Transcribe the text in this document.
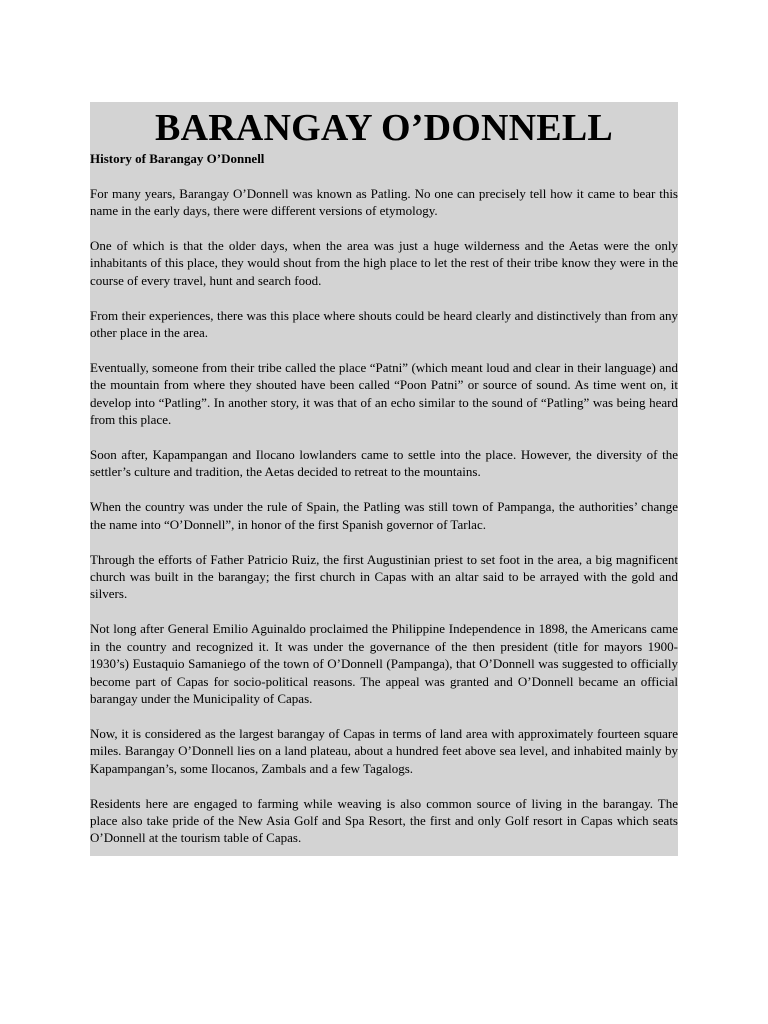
BARANGAY O’DONNELL
History of Barangay O’Donnell

For many years, Barangay O’Donnell was known as Patling. No one can precisely tell how it came to bear this name in the early days, there were different versions of etymology.

One of which is that the older days, when the area was just a huge wilderness and the Aetas were the only inhabitants of this place, they would shout from the high place to let the rest of their tribe know they were in the course of every travel, hunt and search food.

From their experiences, there was this place where shouts could be heard clearly and distinctively than from any other place in the area.

Eventually, someone from their tribe called the place “Patni” (which meant loud and clear in their language) and the mountain from where they shouted have been called “Poon Patni” or source of sound. As time went on, it develop into “Patling”. In another story, it was that of an echo similar to the sound of “Patling” was being heard from this place.

Soon after, Kapampangan and Ilocano lowlanders came to settle into the place. However, the diversity of the settler’s culture and tradition, the Aetas decided to retreat to the mountains.

When the country was under the rule of Spain, the Patling was still town of Pampanga, the authorities’ change the name into “O’Donnell”, in honor of the first Spanish governor of Tarlac.

Through the efforts of Father Patricio Ruiz, the first Augustinian priest to set foot in the area, a big magnificent church was built in the barangay; the first church in Capas with an altar said to be arrayed with the gold and silvers.

Not long after General Emilio Aguinaldo proclaimed the Philippine Independence in 1898, the Americans came in the country and recognized it. It was under the governance of the then president (title for mayors 1900-1930’s) Eustaquio Samaniego of the town of O’Donnell (Pampanga), that O’Donnell was suggested to officially become part of Capas for socio-political reasons. The appeal was granted and O’Donnell became an official barangay under the Municipality of Capas.

Now, it is considered as the largest barangay of Capas in terms of land area with approximately fourteen square miles. Barangay O’Donnell lies on a land plateau, about a hundred feet above sea level, and inhabited mainly by Kapampangan’s, some Ilocanos, Zambals and a few Tagalogs.

Residents here are engaged to farming while weaving is also common source of living in the barangay. The place also take pride of the New Asia Golf and Spa Resort, the first and only Golf resort in Capas which seats O’Donnell at the tourism table of Capas.
